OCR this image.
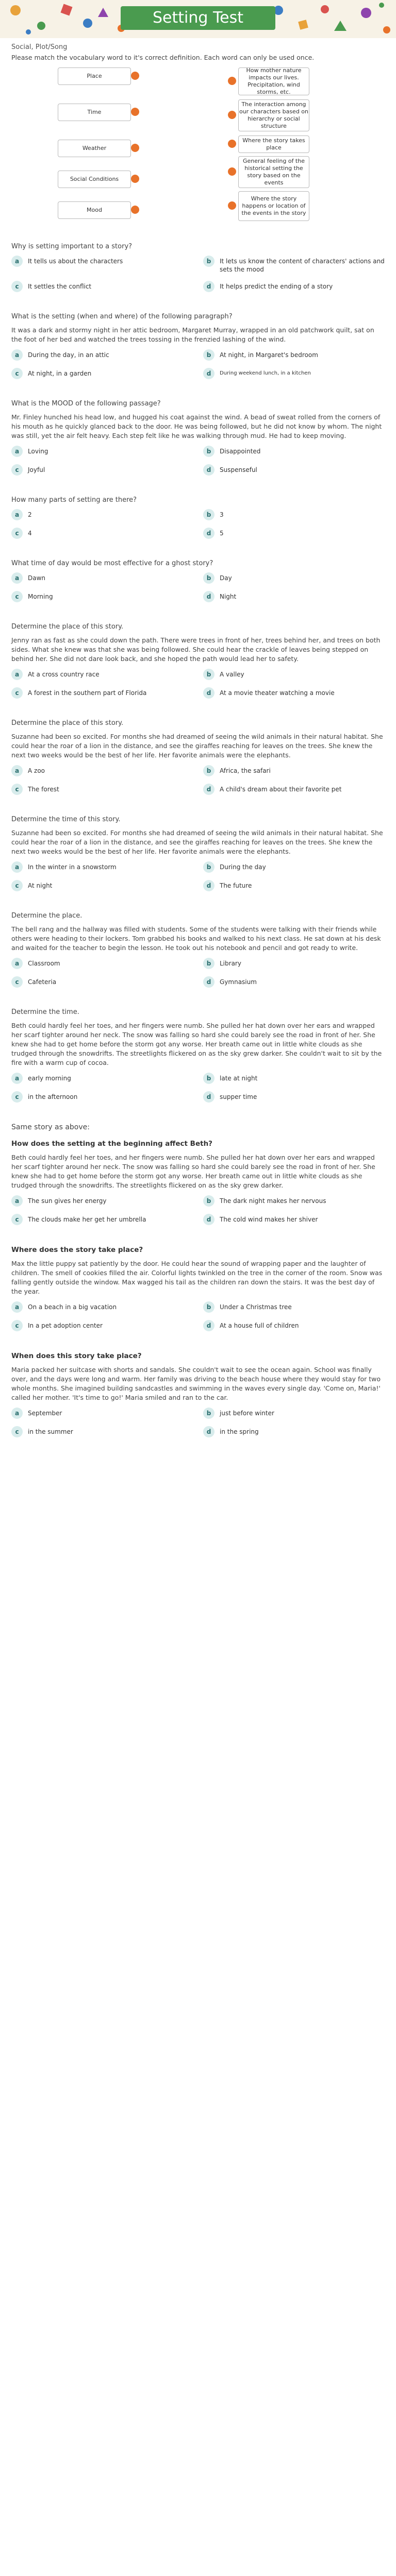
Setting Test
Social, Plot/Song

Please match the vocabulary word to it's correct definition. Each word can only be used once.

Place
Time
Weather
Social Conditions
Mood
How mother nature impacts our lives. Precipitation, wind storms, etc.
The interaction among our characters based on hierarchy or social structure
Where the story takes place
General feeling of the historical setting the story based on the events
Where the story happens or location of the events in the story
Why is setting important to a story?
a	It tells us about the characters	b	It lets us know the content of characters' actions and sets the mood
c	It settles the conflict	d	It helps predict the ending of a story
What is the setting (when and where) of the following paragraph?

It was a dark and stormy night in her attic bedroom, Margaret Murray, wrapped in an old patchwork quilt, sat on the foot of her bed and watched the trees tossing in the frenzied lashing of the wind.

a	During the day, in an attic	b	At night, in Margaret's bedroom
c	At night, in a garden	d	During weekend lunch, in a kitchen
What is the MOOD of the following passage?

Mr. Finley hunched his head low, and hugged his coat against the wind. A bead of sweat rolled from the corners of his mouth as he quickly glanced back to the door. He was being followed, but he did not know by whom. The night was still, yet the air felt heavy. Each step felt like he was walking through mud. He had to keep moving.

a	Loving	b	Disappointed
c	Joyful	d	Suspenseful
How many parts of setting are there?
a	2	b	3
c	4	d	5
What time of day would be most effective for a ghost story?
a	Dawn	b	Day
c	Morning	d	Night
Determine the place of this story.

Jenny ran as fast as she could down the path. There were trees in front of her, trees behind her, and trees on both sides. What she knew was that she was being followed. She could hear the crackle of leaves being stepped on behind her. She did not dare look back, and she hoped the path would lead her to safety.

a	At a cross country race	b	A valley
c	A forest in the southern part of Florida	d	At a movie theater watching a movie
Determine the place of this story.

Suzanne had been so excited. For months she had dreamed of seeing the wild animals in their natural habitat. She could hear the roar of a lion in the distance, and see the giraffes reaching for leaves on the trees. She knew the next two weeks would be the best of her life. Her favorite animals were the elephants.

a	A zoo	b	Africa, the safari
c	The forest	d	A child's dream about their favorite pet
Determine the time of this story.

Suzanne had been so excited. For months she had dreamed of seeing the wild animals in their natural habitat. She could hear the roar of a lion in the distance, and see the giraffes reaching for leaves on the trees. She knew the next two weeks would be the best of her life. Her favorite animals were the elephants.

a	In the winter in a snowstorm	b	During the day
c	At night	d	The future
Determine the place.

The bell rang and the hallway was filled with students. Some of the students were talking with their friends while others were heading to their lockers. Tom grabbed his books and walked to his next class. He sat down at his desk and waited for the teacher to begin the lesson. He took out his notebook and pencil and got ready to write.

a	Classroom	b	Library
c	Cafeteria	d	Gymnasium
Determine the time.

Beth could hardly feel her toes, and her fingers were numb. She pulled her hat down over her ears and wrapped her scarf tighter around her neck. The snow was falling so hard she could barely see the road in front of her. She knew she had to get home before the storm got any worse. Her breath came out in little white clouds as she trudged through the snowdrifts. The streetlights flickered on as the sky grew darker. She couldn't wait to sit by the fire with a warm cup of cocoa.

a	early morning	b	late at night
c	in the afternoon	d	supper time
Same story as above:
How does the setting at the beginning affect Beth?

Beth could hardly feel her toes, and her fingers were numb. She pulled her hat down over her ears and wrapped her scarf tighter around her neck. The snow was falling so hard she could barely see the road in front of her. She knew she had to get home before the storm got any worse. Her breath came out in little white clouds as she trudged through the snowdrifts. The streetlights flickered on as the sky grew darker.

a	The sun gives her energy	b	The dark night makes her nervous
c	The clouds make her get her umbrella	d	The cold wind makes her shiver
Where does the story take place?

Max the little puppy sat patiently by the door. He could hear the sound of wrapping paper and the laughter of children. The smell of cookies filled the air. Colorful lights twinkled on the tree in the corner of the room. Snow was falling gently outside the window. Max wagged his tail as the children ran down the stairs. It was the best day of the year.

a	On a beach in a big vacation	b	Under a Christmas tree
c	In a pet adoption center	d	At a house full of children
When does this story take place?

Maria packed her suitcase with shorts and sandals. She couldn't wait to see the ocean again. School was finally over, and the days were long and warm. Her family was driving to the beach house where they would stay for two whole months. She imagined building sandcastles and swimming in the waves every single day. 'Come on, Maria!' called her mother. 'It's time to go!' Maria smiled and ran to the car.

a	September	b	just before winter
c	in the summer	d	in the spring
